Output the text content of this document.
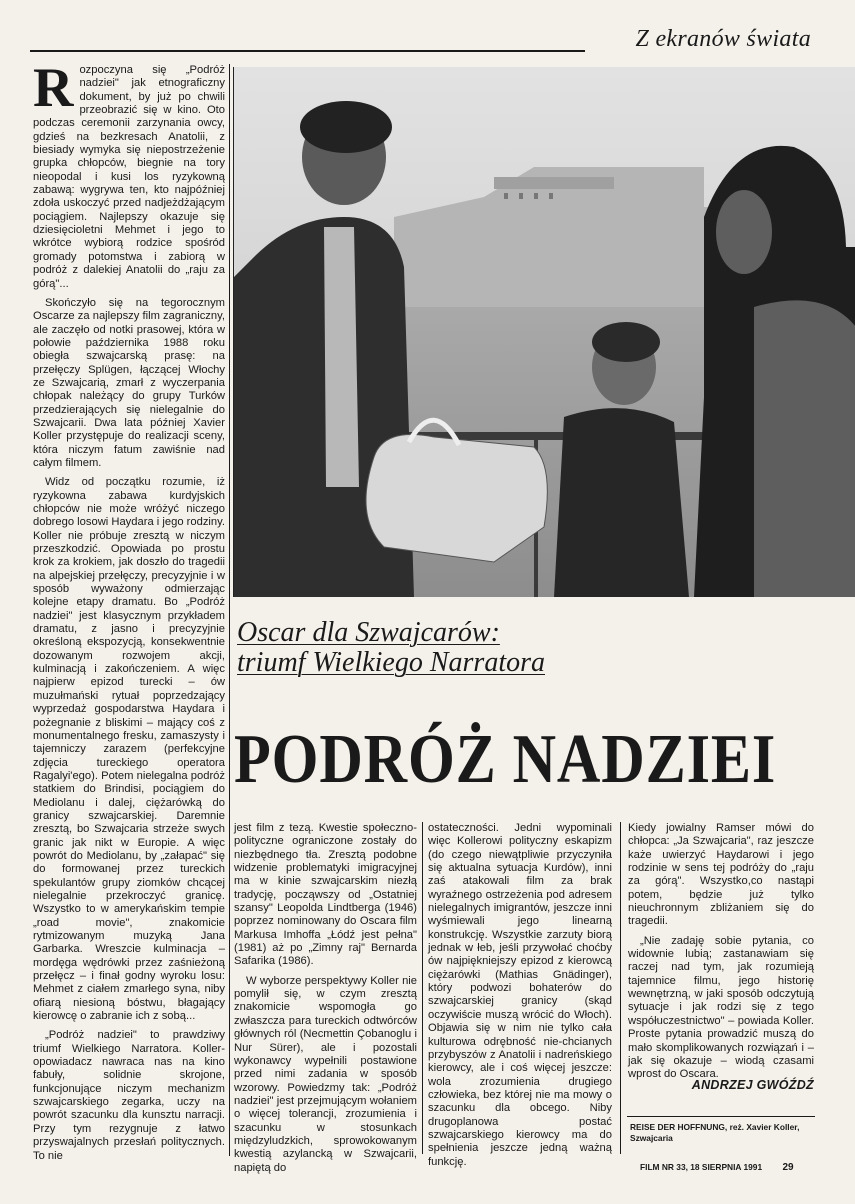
Z ekranów świata

Rozpoczyna się „Podróż nadziei" jak etnograficzny dokument, by już po chwili przeobrazić się w kino. Oto podczas ceremonii zarzynania owcy, gdzieś na bezkresach Anatolii, z biesiady wymyka się niepostrzeżenie grupka chłopców, biegnie na tory nieopodal i kusi los ryzykowną zabawą: wygrywa ten, kto najpóźniej zdoła uskoczyć przed nadjeżdżającym pociągiem. Najlepszy okazuje się dziesięcioletni Mehmet i jego to wkrótce wybiorą rodzice spośród gromady potomstwa i zabiorą w podróż z dalekiej Anatolii do „raju za górą"...

Skończyło się na tegorocznym Oscarze za najlepszy film zagraniczny, ale zaczęło od notki prasowej, która w połowie października 1988 roku obiegła szwajcarską prasę: na przełęczy Splügen, łączącej Włochy ze Szwajcarią, zmarł z wyczerpania chłopak należący do grupy Turków przedzierających się nielegalnie do Szwajcarii. Dwa lata później Xavier Koller przystępuje do realizacji sceny, która niczym fatum zawiśnie nad całym filmem.

Widz od początku rozumie, iż ryzykowna zabawa kurdyjskich chłopców nie może wróżyć niczego dobrego losowi Haydara i jego rodziny. Koller nie próbuje zresztą w niczym przeszkodzić. Opowiada po prostu krok za krokiem, jak doszło do tragedii na alpejskiej przełęczy, precyzyjnie i w sposób wyważony odmierzając kolejne etapy dramatu. Bo „Podróż nadziei" jest klasycznym przykładem dramatu, z jasno i precyzyjnie określoną ekspozycją, konsekwentnie dozowanym rozwojem akcji, kulminacją i zakończeniem. A więc najpierw epizod turecki – ów muzułmański rytuał poprzedzający wyprzedaż gospodarstwa Haydara i pożegnanie z bliskimi – mający coś z monumentalnego fresku, zamaszysty i tajemniczy zarazem (perfekcyjne zdjęcia tureckiego operatora Ragalyi'ego). Potem nielegalna podróż statkiem do Brindisi, pociągiem do Mediolanu i dalej, ciężarówką do granicy szwajcarskiej. Daremnie zresztą, bo Szwajcaria strzeże swych granic jak nikt w Europie. A więc powrót do Mediolanu, by „załapać" się do formowanej przez tureckich spekulantów grupy ziomków chcącej nielegalnie przekroczyć granicę. Wszystko to w amerykańskim tempie „road movie", znakomicie rytmizowanym muzyką Jana Garbarka. Wreszcie kulminacja – mordęga wędrówki przez zaśnieżoną przełęcz – i finał godny wyroku losu: Mehmet z ciałem zmarłego syna, niby ofiarą niesioną bóstwu, błagający kierowcę o zabranie ich z sobą...

„Podróż nadziei" to prawdziwy triumf Wielkiego Narratora. Koller-opowiadacz nawraca nas na kino fabuły, solidnie skrojone, funkcjonujące niczym mechanizm szwajcarskiego zegarka, uczy na powrót szacunku dla kunsztu narracji. Przy tym rezygnuje z łatwo przyswajalnych przesłań politycznych. To nie

Oscar dla Szwajcarów:
triumf Wielkiego Narratora
PODRÓŻ NADZIEI

jest film z tezą. Kwestie społeczno-polityczne ograniczone zostały do niezbędnego tła. Zresztą podobne widzenie problematyki imigracyjnej ma w kinie szwajcarskim niezłą tradycję, począwszy od „Ostatniej szansy" Leopolda Lindtberga (1946) poprzez nominowany do Oscara film Markusa Imhoffa „Łódź jest pełna" (1981) aż po „Zimny raj" Bernarda Safarika (1986).

W wyborze perspektywy Koller nie pomylił się, w czym zresztą znakomicie wspomogła go zwłaszcza para tureckich odtwórców głównych ról (Necmettin Çobanoglu i Nur Sürer), ale i pozostali wykonawcy wypełnili postawione przed nimi zadania w sposób wzorowy. Powiedzmy tak: „Podróż nadziei" jest przejmującym wołaniem o więcej tolerancji, zrozumienia i szacunku w stosunkach międzyludzkich, sprowokowanym kwestią azylancką w Szwajcarii, napiętą do

ostateczności. Jedni wypominali więc Kollerowi polityczny eskapizm (do czego niewątpliwie przyczyniła się aktualna sytuacja Kurdów), inni zaś atakowali film za brak wyraźnego ostrzeżenia pod adresem nielegalnych imigrantów, jeszcze inni wyśmiewali jego linearną konstrukcję. Wszystkie zarzuty biorą jednak w łeb, jeśli przywołać choćby ów najpiękniejszy epizod z kierowcą ciężarówki (Mathias Gnädinger), który podwozi bohaterów do szwajcarskiej granicy (skąd oczywiście muszą wrócić do Włoch). Objawia się w nim nie tylko cała kulturowa odrębność nie-chcianych przybyszów z Anatolii i nadreńskiego kierowcy, ale i coś więcej jeszcze: wola zrozumienia drugiego człowieka, bez której nie ma mowy o szacunku dla obcego. Niby drugoplanowa postać szwajcarskiego kierowcy ma do spełnienia jeszcze jedną ważną funkcję.

Kiedy jowialny Ramser mówi do chłopca: „Ja Szwajcaria", raz jeszcze każe uwierzyć Haydarowi i jego rodzinie w sens tej podróży do „raju za górą". Wszystko,co nastąpi potem, będzie już tylko nieuchronnym zbliżaniem się do tragedii.

„Nie zadaję sobie pytania, co widownie lubią; zastanawiam się raczej nad tym, jak rozumieją tajemnice filmu, jego historię wewnętrzną, w jaki sposób odczytują sytuacje i jak rodzi się z tego współuczestnictwo" – powiada Koller. Proste pytania prowadzić muszą do mało skomplikowanych rozwiązań i – jak się okazuje – wiodą czasami wprost do Oscara.

ANDRZEJ GWÓŹDŹ
REISE DER HOFFNUNG, reż. Xavier Koller, Szwajcaria
FILM NR 33, 18 SIERPNIA 1991 29
